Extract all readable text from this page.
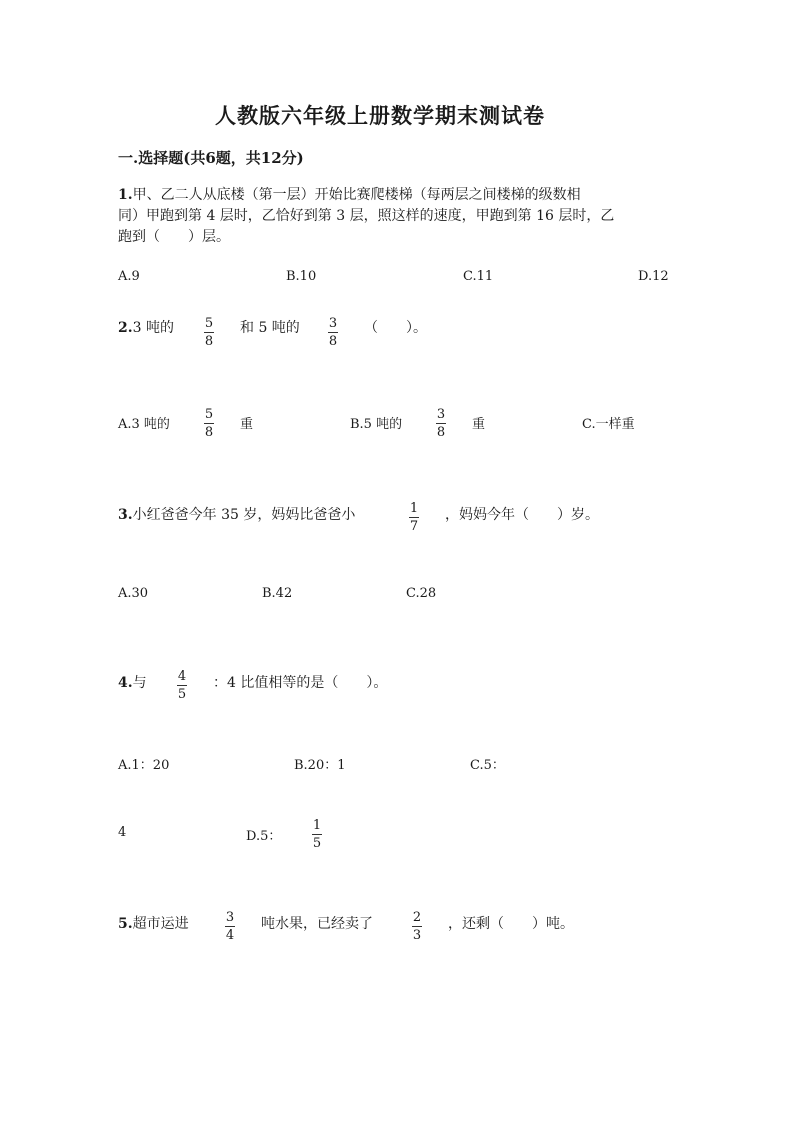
人教版六年级上册数学期末测试卷
一.选择题(共6题，共12分)
1.甲、乙二人从底楼（第一层）开始比赛爬楼梯（每两层之间楼梯的级数相
同）甲跑到第 4 层时，乙恰好到第 3 层，照这样的速度，甲跑到第 16 层时，乙
跑到（　　）层。
A.9	B.10	C.11	D.12
2.3 吨的 5
8
和 5 吨的 3
8
（　　）。
A.3 吨的
5
8
重	B.5 吨的
3
8
重	C.一样重
3.小红爸爸今年 35 岁，妈妈比爸爸小	1
7
，妈妈今年（　　）岁。
A.30	B.42	C.28
4.与 4
5
：4 比值相等的是（　　）。
A.1：20	B.20：1	C.5：
4	D.5：
1
5
5.超市运进	3
4
吨水果，已经卖了	2
3
，还剩（　　）吨。
